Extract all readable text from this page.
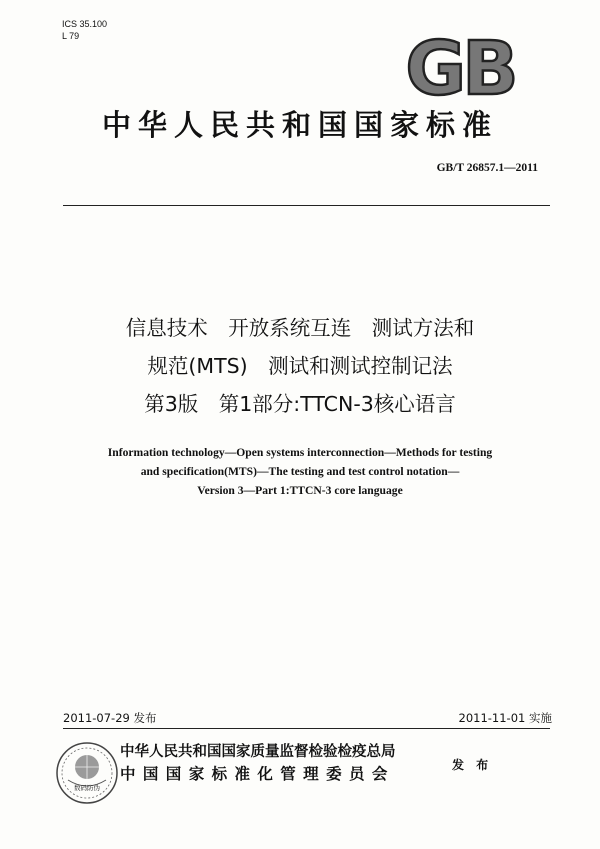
ICS 35.100
L 79	GB
中华人民共和国国家标准
GB/T 26857.1—2011
信息技术　开放系统互连　测试方法和
规范(MTS)　测试和测试控制记法
第3版　第1部分:TTCN-3核心语言
Information technology—Open systems interconnection—Methods for testing
and specification(MTS)—The testing and test control notation—
Version 3—Part 1:TTCN-3 core language
2011-07-29 发布	2011-11-01 实施
数码防伪
中华人民共和国国家质量监督检验检疫总局
中 国 国 家 标 准 化 管 理 委 员 会	发 布
